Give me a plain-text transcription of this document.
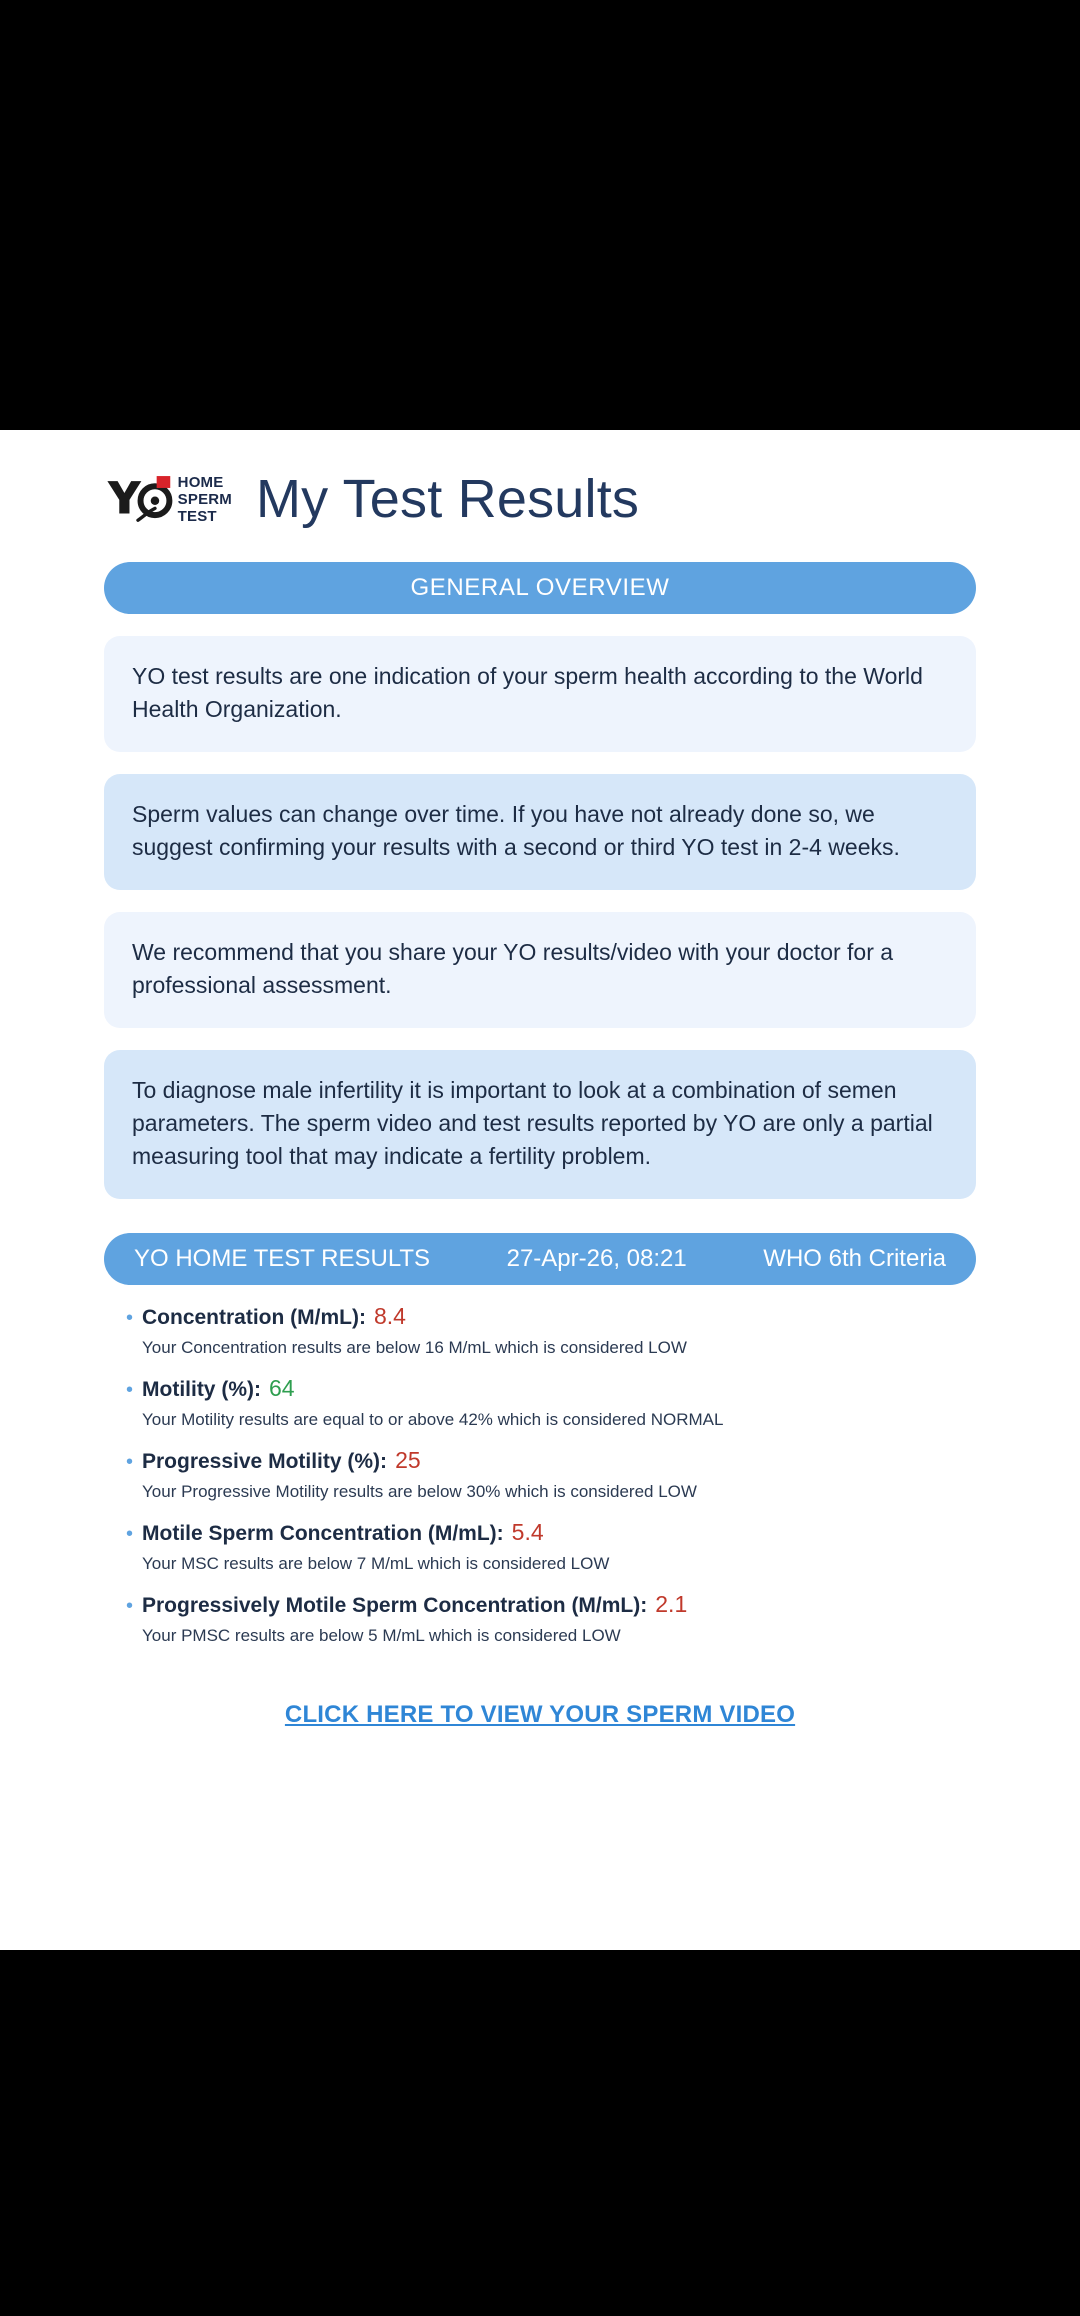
HOME
SPERM
TEST My Test Results
GENERAL OVERVIEW
YO test results are one indication of your sperm health according to the World Health Organization.
Sperm values can change over time. If you have not already done so, we suggest confirming your results with a second or third YO test in 2-4 weeks.
We recommend that you share your YO results/video with your doctor for a professional assessment.
To diagnose male infertility it is important to look at a combination of semen parameters. The sperm video and test results reported by YO are only a partial measuring tool that may indicate a fertility problem.
YO HOME TEST RESULTS	27-Apr-26, 08:21	WHO 6th Criteria
• Concentration (M/mL): 8.4
Your Concentration results are below 16 M/mL which is considered LOW
• Motility (%): 64
Your Motility results are equal to or above 42% which is considered NORMAL
• Progressive Motility (%): 25
Your Progressive Motility results are below 30% which is considered LOW
• Motile Sperm Concentration (M/mL): 5.4
Your MSC results are below 7 M/mL which is considered LOW
• Progressively Motile Sperm Concentration (M/mL): 2.1
Your PMSC results are below 5 M/mL which is considered LOW
CLICK HERE TO VIEW YOUR SPERM VIDEO
